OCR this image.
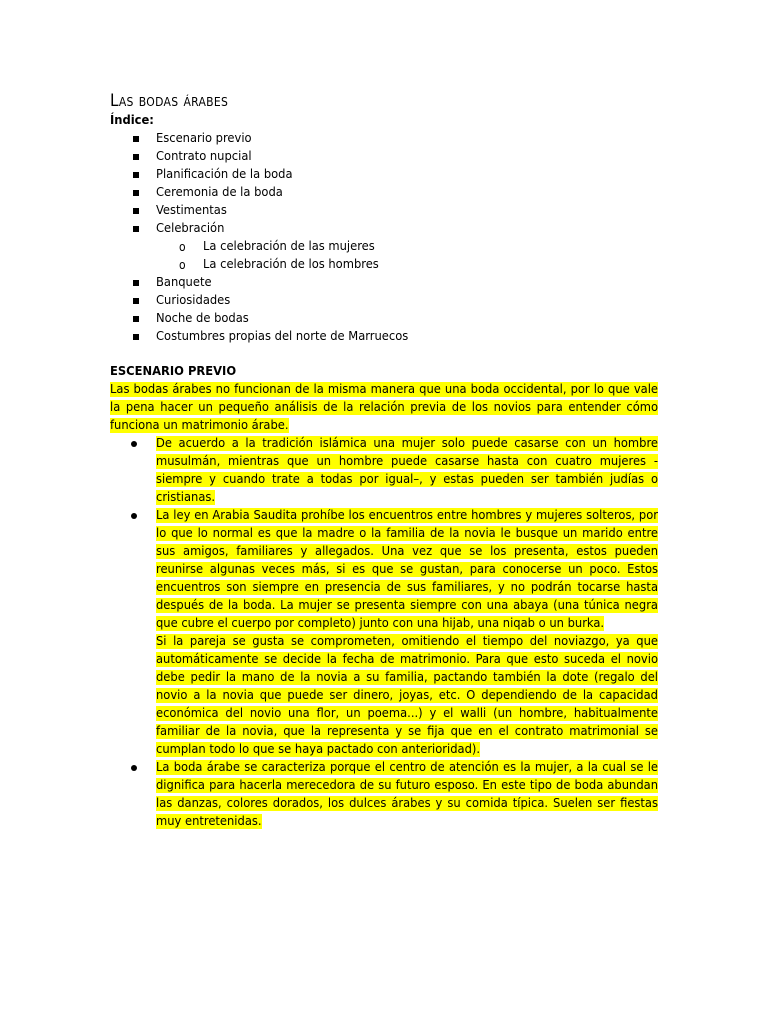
Las bodas árabes

Índice:

Escenario previo
Contrato nupcial
Planificación de la boda
Ceremonia de la boda
Vestimentas
Celebración
o La celebración de las mujeres
o La celebración de los hombres
Banquete
Curiosidades
Noche de bodas
Costumbres propias del norte de Marruecos

ESCENARIO PREVIO

Las bodas árabes no funcionan de la misma manera que una boda occidental, por lo que vale la pena hacer un pequeño análisis de la relación previa de los novios para entender cómo funciona un matrimonio árabe.

De acuerdo a la tradición islámica una mujer solo puede casarse con un hombre musulmán, mientras que un hombre puede casarse hasta con cuatro mujeres -siempre y cuando trate a todas por igual–, y estas pueden ser también judías o cristianas.

La ley en Arabia Saudita prohíbe los encuentros entre hombres y mujeres solteros, por lo que lo normal es que la madre o la familia de la novia le busque un marido entre sus amigos, familiares y allegados. Una vez que se los presenta, estos pueden reunirse algunas veces más, si es que se gustan, para conocerse un poco. Estos encuentros son siempre en presencia de sus familiares, y no podrán tocarse hasta después de la boda. La mujer se presenta siempre con una abaya (una túnica negra que cubre el cuerpo por completo) junto con una hijab, una niqab o un burka.

Si la pareja se gusta se comprometen, omitiendo el tiempo del noviazgo, ya que automáticamente se decide la fecha de matrimonio. Para que esto suceda el novio debe pedir la mano de la novia a su familia, pactando también la dote (regalo del novio a la novia que puede ser dinero, joyas, etc. O dependiendo de la capacidad económica del novio una flor, un poema...) y el walli (un hombre, habitualmente familiar de la novia, que la representa y se fija que en el contrato matrimonial se cumplan todo lo que se haya pactado con anterioridad).

La boda árabe se caracteriza porque el centro de atención es la mujer, a la cual se le dignifica para hacerla merecedora de su futuro esposo. En este tipo de boda abundan las danzas, colores dorados, los dulces árabes y su comida típica. Suelen ser fiestas muy entretenidas.
